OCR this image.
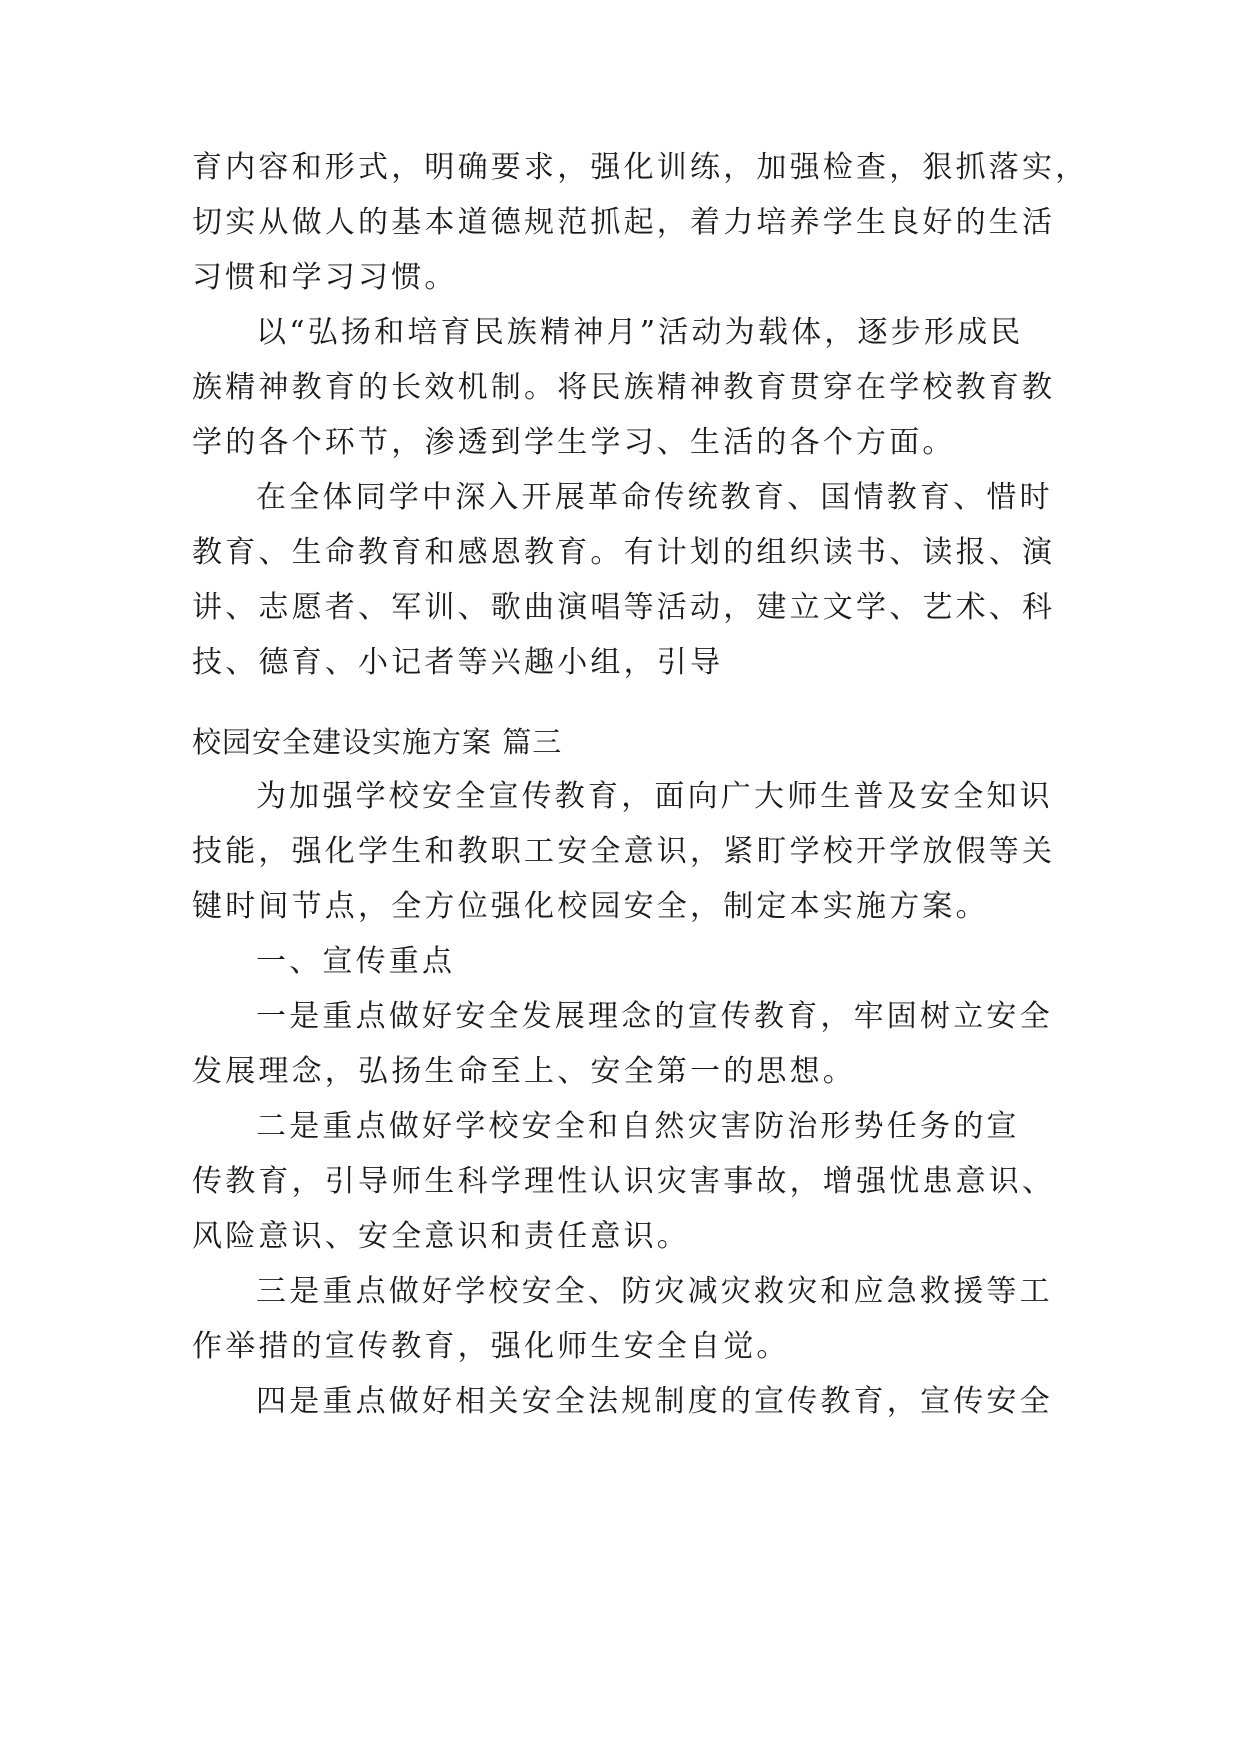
育内容和形式，明确要求，强化训练，加强检查，狠抓落实，
切实从做人的基本道德规范抓起，着力培养学生良好的生活
习惯和学习习惯。
以“弘扬和培育民族精神月”活动为载体，逐步形成民
族精神教育的长效机制。将民族精神教育贯穿在学校教育教
学的各个环节，渗透到学生学习、生活的各个方面。
在全体同学中深入开展革命传统教育、国情教育、惜时
教育、生命教育和感恩教育。有计划的组织读书、读报、演
讲、志愿者、军训、歌曲演唱等活动，建立文学、艺术、科
技、德育、小记者等兴趣小组，引导
校园安全建设实施方案 篇三
为加强学校安全宣传教育，面向广大师生普及安全知识
技能，强化学生和教职工安全意识，紧盯学校开学放假等关
键时间节点，全方位强化校园安全，制定本实施方案。
一、宣传重点
一是重点做好安全发展理念的宣传教育，牢固树立安全
发展理念，弘扬生命至上、安全第一的思想。
二是重点做好学校安全和自然灾害防治形势任务的宣
传教育，引导师生科学理性认识灾害事故，增强忧患意识、
风险意识、安全意识和责任意识。
三是重点做好学校安全、防灾减灾救灾和应急救援等工
作举措的宣传教育，强化师生安全自觉。
四是重点做好相关安全法规制度的宣传教育，宣传安全
